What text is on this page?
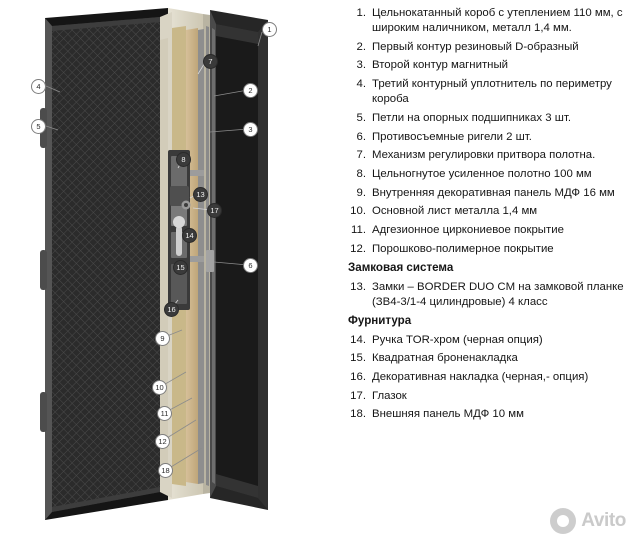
1
2
3
4
5
6
7
8
9
10
11
12
13
14
15
16
17
18
1. Цельнокатанный короб с утеплением 110 мм, с широким наличником, металл 1,4 мм.
2. Первый контур резиновый D-образный
3. Второй контур магнитный
4. Третий контурный уплотнитель по периметру короба
5. Петли на опорных подшипниках 3 шт.
6. Противосъемные ригели 2 шт.
7. Механизм регулировки притвора полотна.
8. Цельногнутое усиленное полотно 100 мм
9. Внутренняя декоративная панель МДФ 16 мм
10. Основной лист металла 1,4 мм
11. Адгезионное циркониевое покрытие
12. Порошково-полимерное покрытие
Замковая система
13. Замки – BORDER DUO CM на замковой планке (ЗВ4-3/1-4 цилиндровые) 4 класс
Фурнитура
14. Ручка TOR-хром (черная опция)
15. Квадратная броненакладка
16. Декоративная накладка (черная,- опция)
17. Глазок
18. Внешняя панель МДФ 10 мм
Avito
